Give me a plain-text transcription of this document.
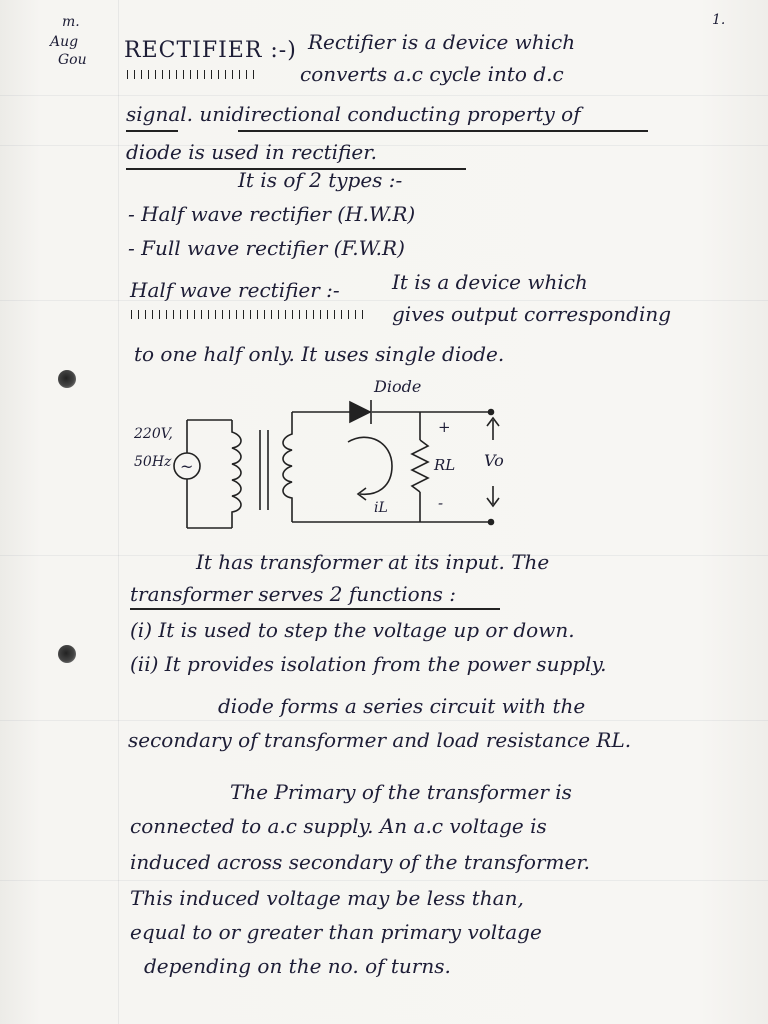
m.
Aug
Gou
1.
RECTIFIER :-) Rectifier is a device which
converts a.c cycle into d.c
signal. unidirectional conducting property of
diode is used in rectifier.
It is of 2 types :-
- Half wave rectifier (H.W.R)
- Full wave rectifier (F.W.R)
Half wave rectifier :-	It is a device which
gives output corresponding
to one half only. It uses single diode.
220V,
50Hz ~
Diode
RL
+
-
Vo
iL
It has transformer at its input. The
transformer serves 2 functions :
(i) It is used to step the voltage up or down.
(ii) It provides isolation from the power supply.
diode forms a series circuit with the
secondary of transformer and load resistance RL.
The Primary of the transformer is
connected to a.c supply. An a.c voltage is
induced across secondary of the transformer.
This induced voltage may be less than,
equal to or greater than primary voltage
depending on the no. of turns.
